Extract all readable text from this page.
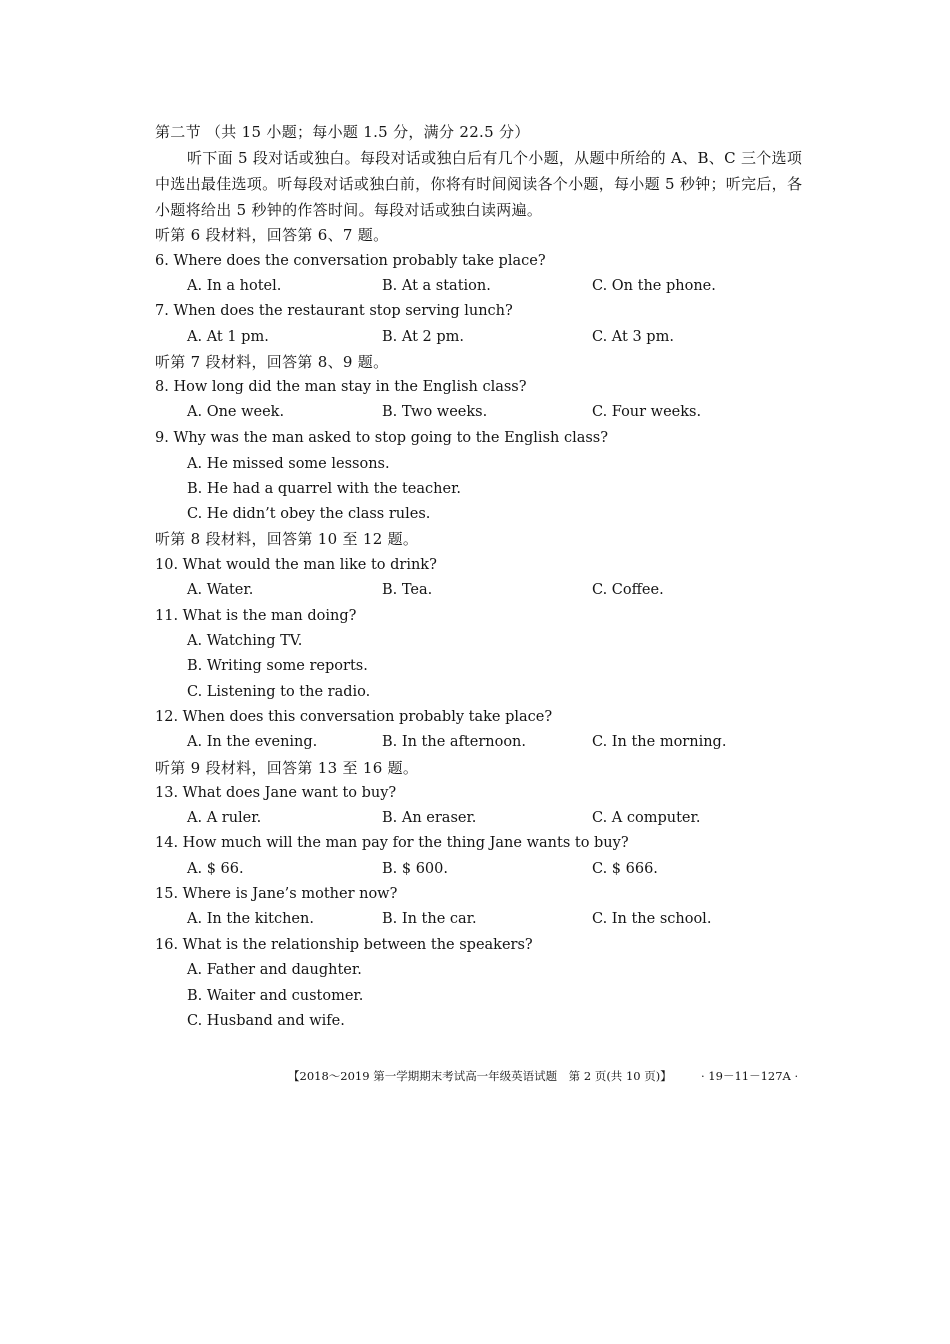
第二节 （共 15 小题；每小题 1.5 分，满分 22.5 分）
听下面 5 段对话或独白。每段对话或独白后有几个小题，从题中所给的 A、B、C 三个选项
中选出最佳选项。听每段对话或独白前，你将有时间阅读各个小题，每小题 5 秒钟；听完后，各
小题将给出 5 秒钟的作答时间。每段对话或独白读两遍。
听第 6 段材料，回答第 6、7 题。
6. Where does the conversation probably take place?
A. In a hotel.	B. At a station.	C. On the phone.
7. When does the restaurant stop serving lunch?
A. At 1 pm.	B. At 2 pm.	C. At 3 pm.
听第 7 段材料，回答第 8、9 题。
8. How long did the man stay in the English class?
A. One week.	B. Two weeks.	C. Four weeks.
9. Why was the man asked to stop going to the English class?
A. He missed some lessons.
B. He had a quarrel with the teacher.
C. He didn’t obey the class rules.
听第 8 段材料，回答第 10 至 12 题。
10. What would the man like to drink?
A. Water.	B. Tea.	C. Coffee.
11. What is the man doing?
A. Watching TV.
B. Writing some reports.
C. Listening to the radio.
12. When does this conversation probably take place?
A. In the evening.	B. In the afternoon.	C. In the morning.
听第 9 段材料，回答第 13 至 16 题。
13. What does Jane want to buy?
A. A ruler.	B. An eraser.	C. A computer.
14. How much will the man pay for the thing Jane wants to buy?
A. $ 66.	B. $ 600.	C. $ 666.
15. Where is Jane’s mother now?
A. In the kitchen.	B. In the car.	C. In the school.
16. What is the relationship between the speakers?
A. Father and daughter.
B. Waiter and customer.
C. Husband and wife.
【2018～2019 第一学期期末考试高一年级英语试题　第 2 页(共 10 页)】	· 19－11－127A ·
